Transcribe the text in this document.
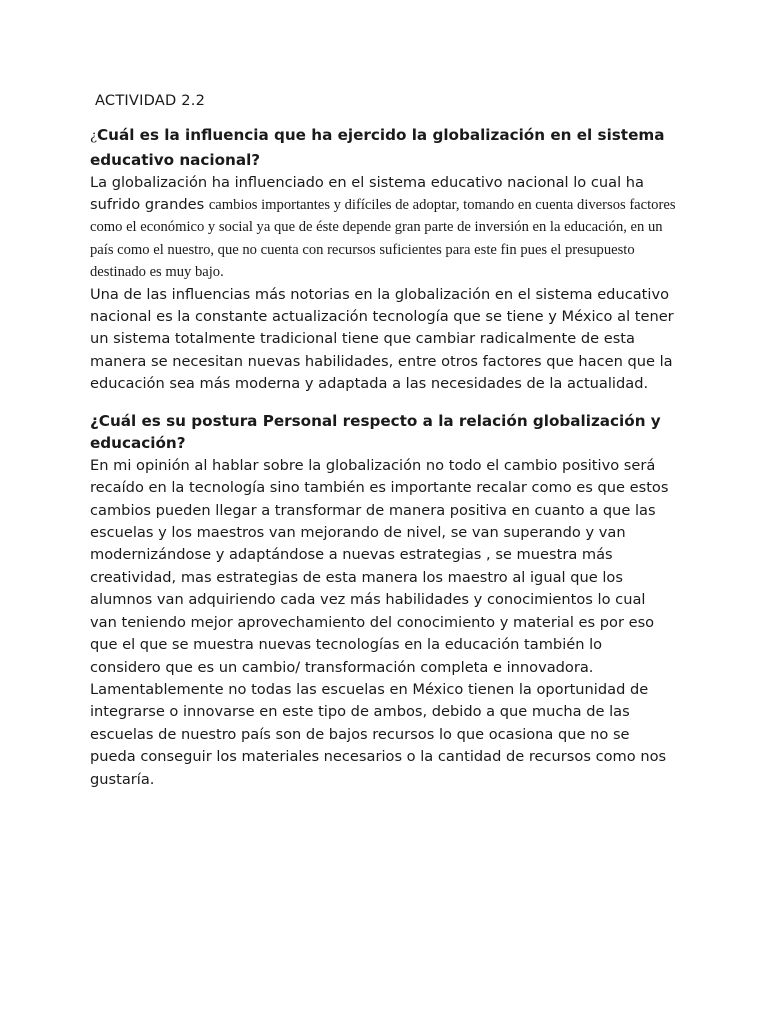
ACTIVIDAD 2.2
¿Cuál es la influencia que ha ejercido la globalización en el sistema educativo nacional?

La globalización ha influenciado en el sistema educativo nacional lo cual ha sufrido grandes cambios importantes y difíciles de adoptar, tomando en cuenta diversos factores como el económico y social ya que de éste depende gran parte de inversión en la educación, en un país como el nuestro, que no cuenta con recursos suficientes para este fin pues el presupuesto destinado es muy bajo.

Una de las influencias más notorias en la globalización en el sistema educativo nacional es la constante actualización tecnología que se tiene y México al tener un sistema totalmente tradicional tiene que cambiar radicalmente de esta manera se necesitan nuevas habilidades, entre otros factores que hacen que la educación sea más moderna y adaptada a las necesidades de la actualidad.

¿Cuál es su postura Personal respecto a la relación globalización y educación?

En mi opinión al hablar sobre la globalización no todo el cambio positivo será recaído en la tecnología sino también es importante recalar como es que estos cambios pueden llegar a transformar de manera positiva en cuanto a que las escuelas y los maestros van mejorando de nivel, se van superando y van modernizándose y adaptándose a nuevas estrategias , se muestra más creatividad, mas estrategias de esta manera los maestro al igual que los alumnos van adquiriendo cada vez más habilidades y conocimientos lo cual van teniendo mejor aprovechamiento del conocimiento y material es por eso que el que se muestra nuevas tecnologías en la educación también lo considero que es un cambio/ transformación completa e innovadora. Lamentablemente no todas las escuelas en México tienen la oportunidad de integrarse o innovarse en este tipo de ambos, debido a que mucha de las escuelas de nuestro país son de bajos recursos lo que ocasiona que no se pueda conseguir los materiales necesarios o la cantidad de recursos como nos gustaría.
